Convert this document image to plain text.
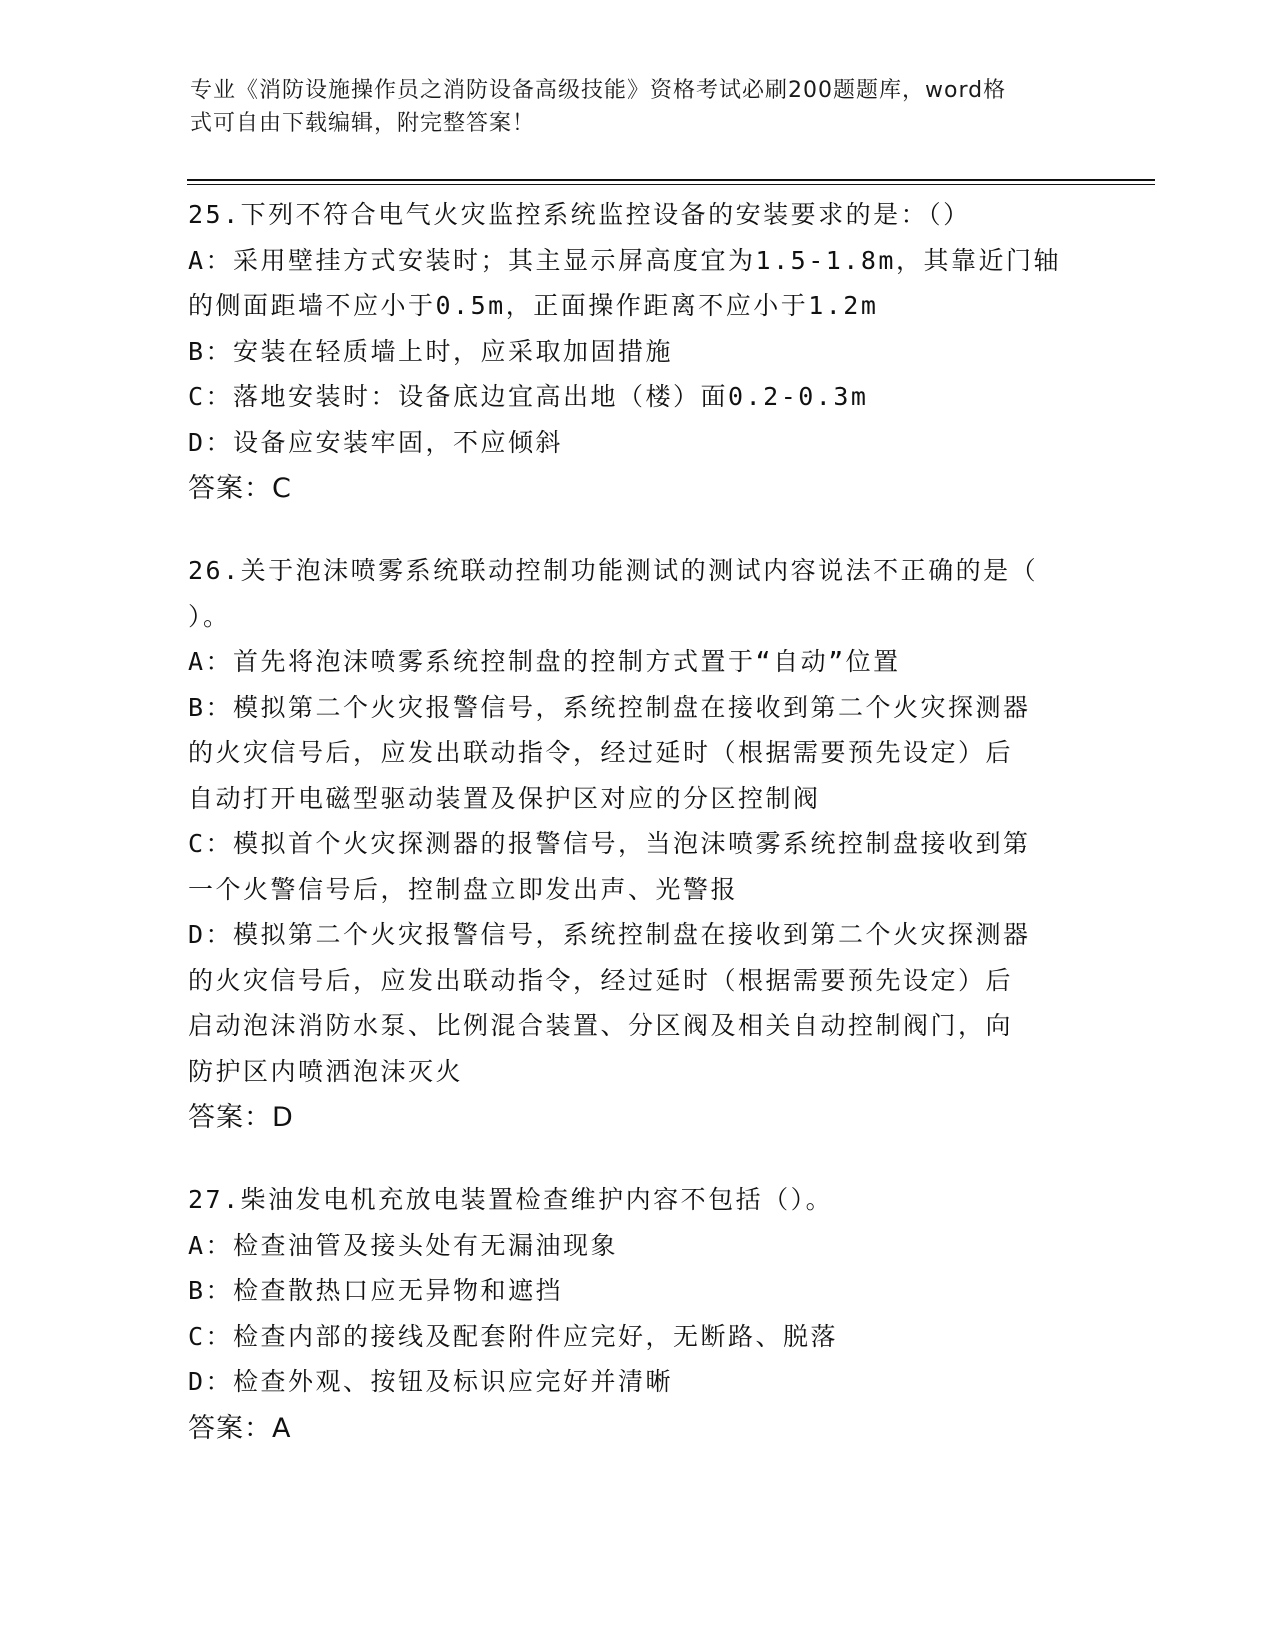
专业《消防设施操作员之消防设备高级技能》资格考试必刷200题题库，word格
式可自由下载编辑，附完整答案！
25.下列不符合电气火灾监控系统监控设备的安装要求的是：（）
A：采用壁挂方式安装时；其主显示屏高度宜为1.5-1.8m，其靠近门轴
的侧面距墙不应小于0.5m，正面操作距离不应小于1.2m
B：安装在轻质墙上时，应采取加固措施
C：落地安装时：设备底边宜高出地（楼）面0.2-0.3m
D：设备应安装牢固，不应倾斜
答案：C
26.关于泡沫喷雾系统联动控制功能测试的测试内容说法不正确的是（
）。
A：首先将泡沫喷雾系统控制盘的控制方式置于“自动”位置
B：模拟第二个火灾报警信号，系统控制盘在接收到第二个火灾探测器
的火灾信号后，应发出联动指令，经过延时（根据需要预先设定）后
自动打开电磁型驱动装置及保护区对应的分区控制阀
C：模拟首个火灾探测器的报警信号，当泡沫喷雾系统控制盘接收到第
一个火警信号后，控制盘立即发出声、光警报
D：模拟第二个火灾报警信号，系统控制盘在接收到第二个火灾探测器
的火灾信号后，应发出联动指令，经过延时（根据需要预先设定）后
启动泡沫消防水泵、比例混合装置、分区阀及相关自动控制阀门，向
防护区内喷洒泡沫灭火
答案：D
27.柴油发电机充放电装置检查维护内容不包括（）。
A：检查油管及接头处有无漏油现象
B：检查散热口应无异物和遮挡
C：检查内部的接线及配套附件应完好，无断路、脱落
D：检查外观、按钮及标识应完好并清晰
答案：A
